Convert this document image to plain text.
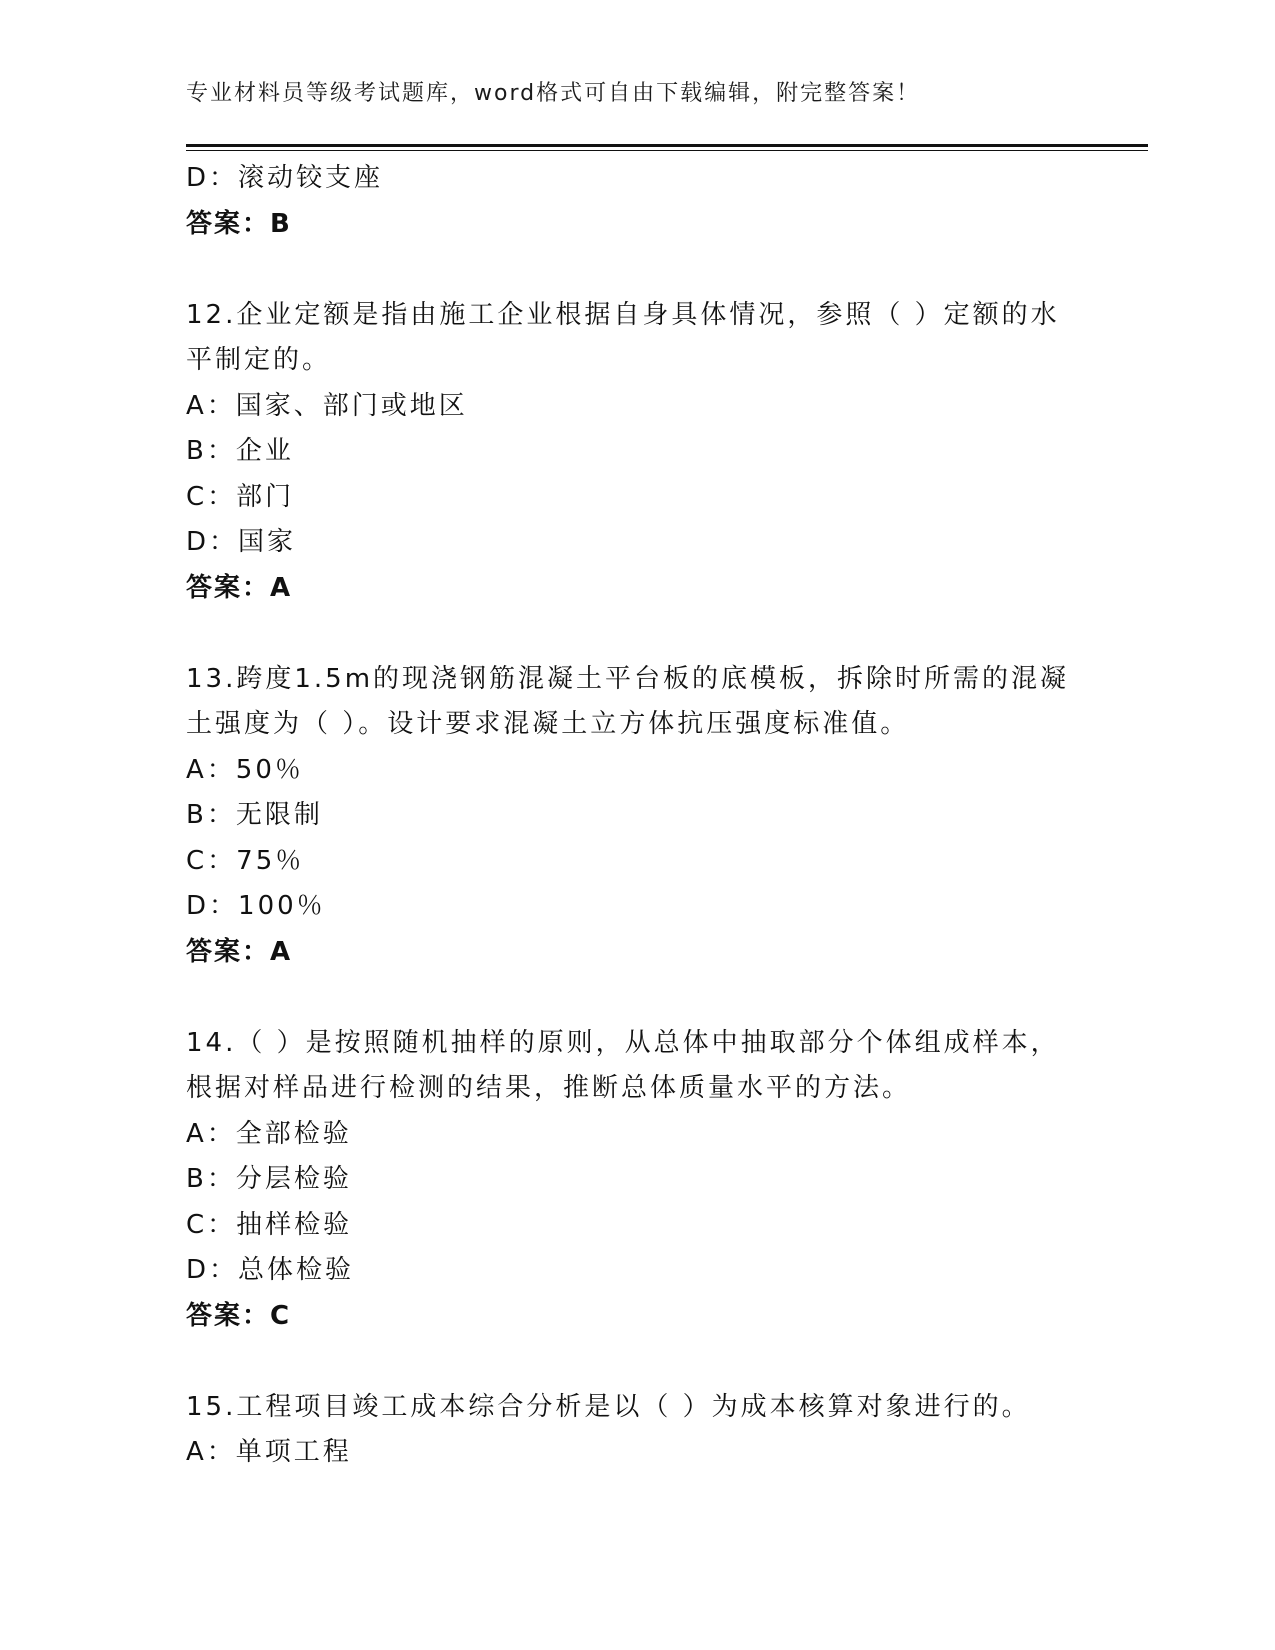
专业材料员等级考试题库，word格式可自由下载编辑，附完整答案！
D：滚动铰支座
答案：B
12.企业定额是指由施工企业根据自身具体情况，参照（ ）定额的水
平制定的。
A：国家、部门或地区
B：企业
C：部门
D：国家
答案：A
13.跨度1.5m的现浇钢筋混凝土平台板的底模板，拆除时所需的混凝
土强度为（ ）。设计要求混凝土立方体抗压强度标准值。
A：50％
B：无限制
C：75％
D：100％
答案：A
14.（ ）是按照随机抽样的原则，从总体中抽取部分个体组成样本，
根据对样品进行检测的结果，推断总体质量水平的方法。
A：全部检验
B：分层检验
C：抽样检验
D：总体检验
答案：C
15.工程项目竣工成本综合分析是以（ ）为成本核算对象进行的。
A：单项工程
